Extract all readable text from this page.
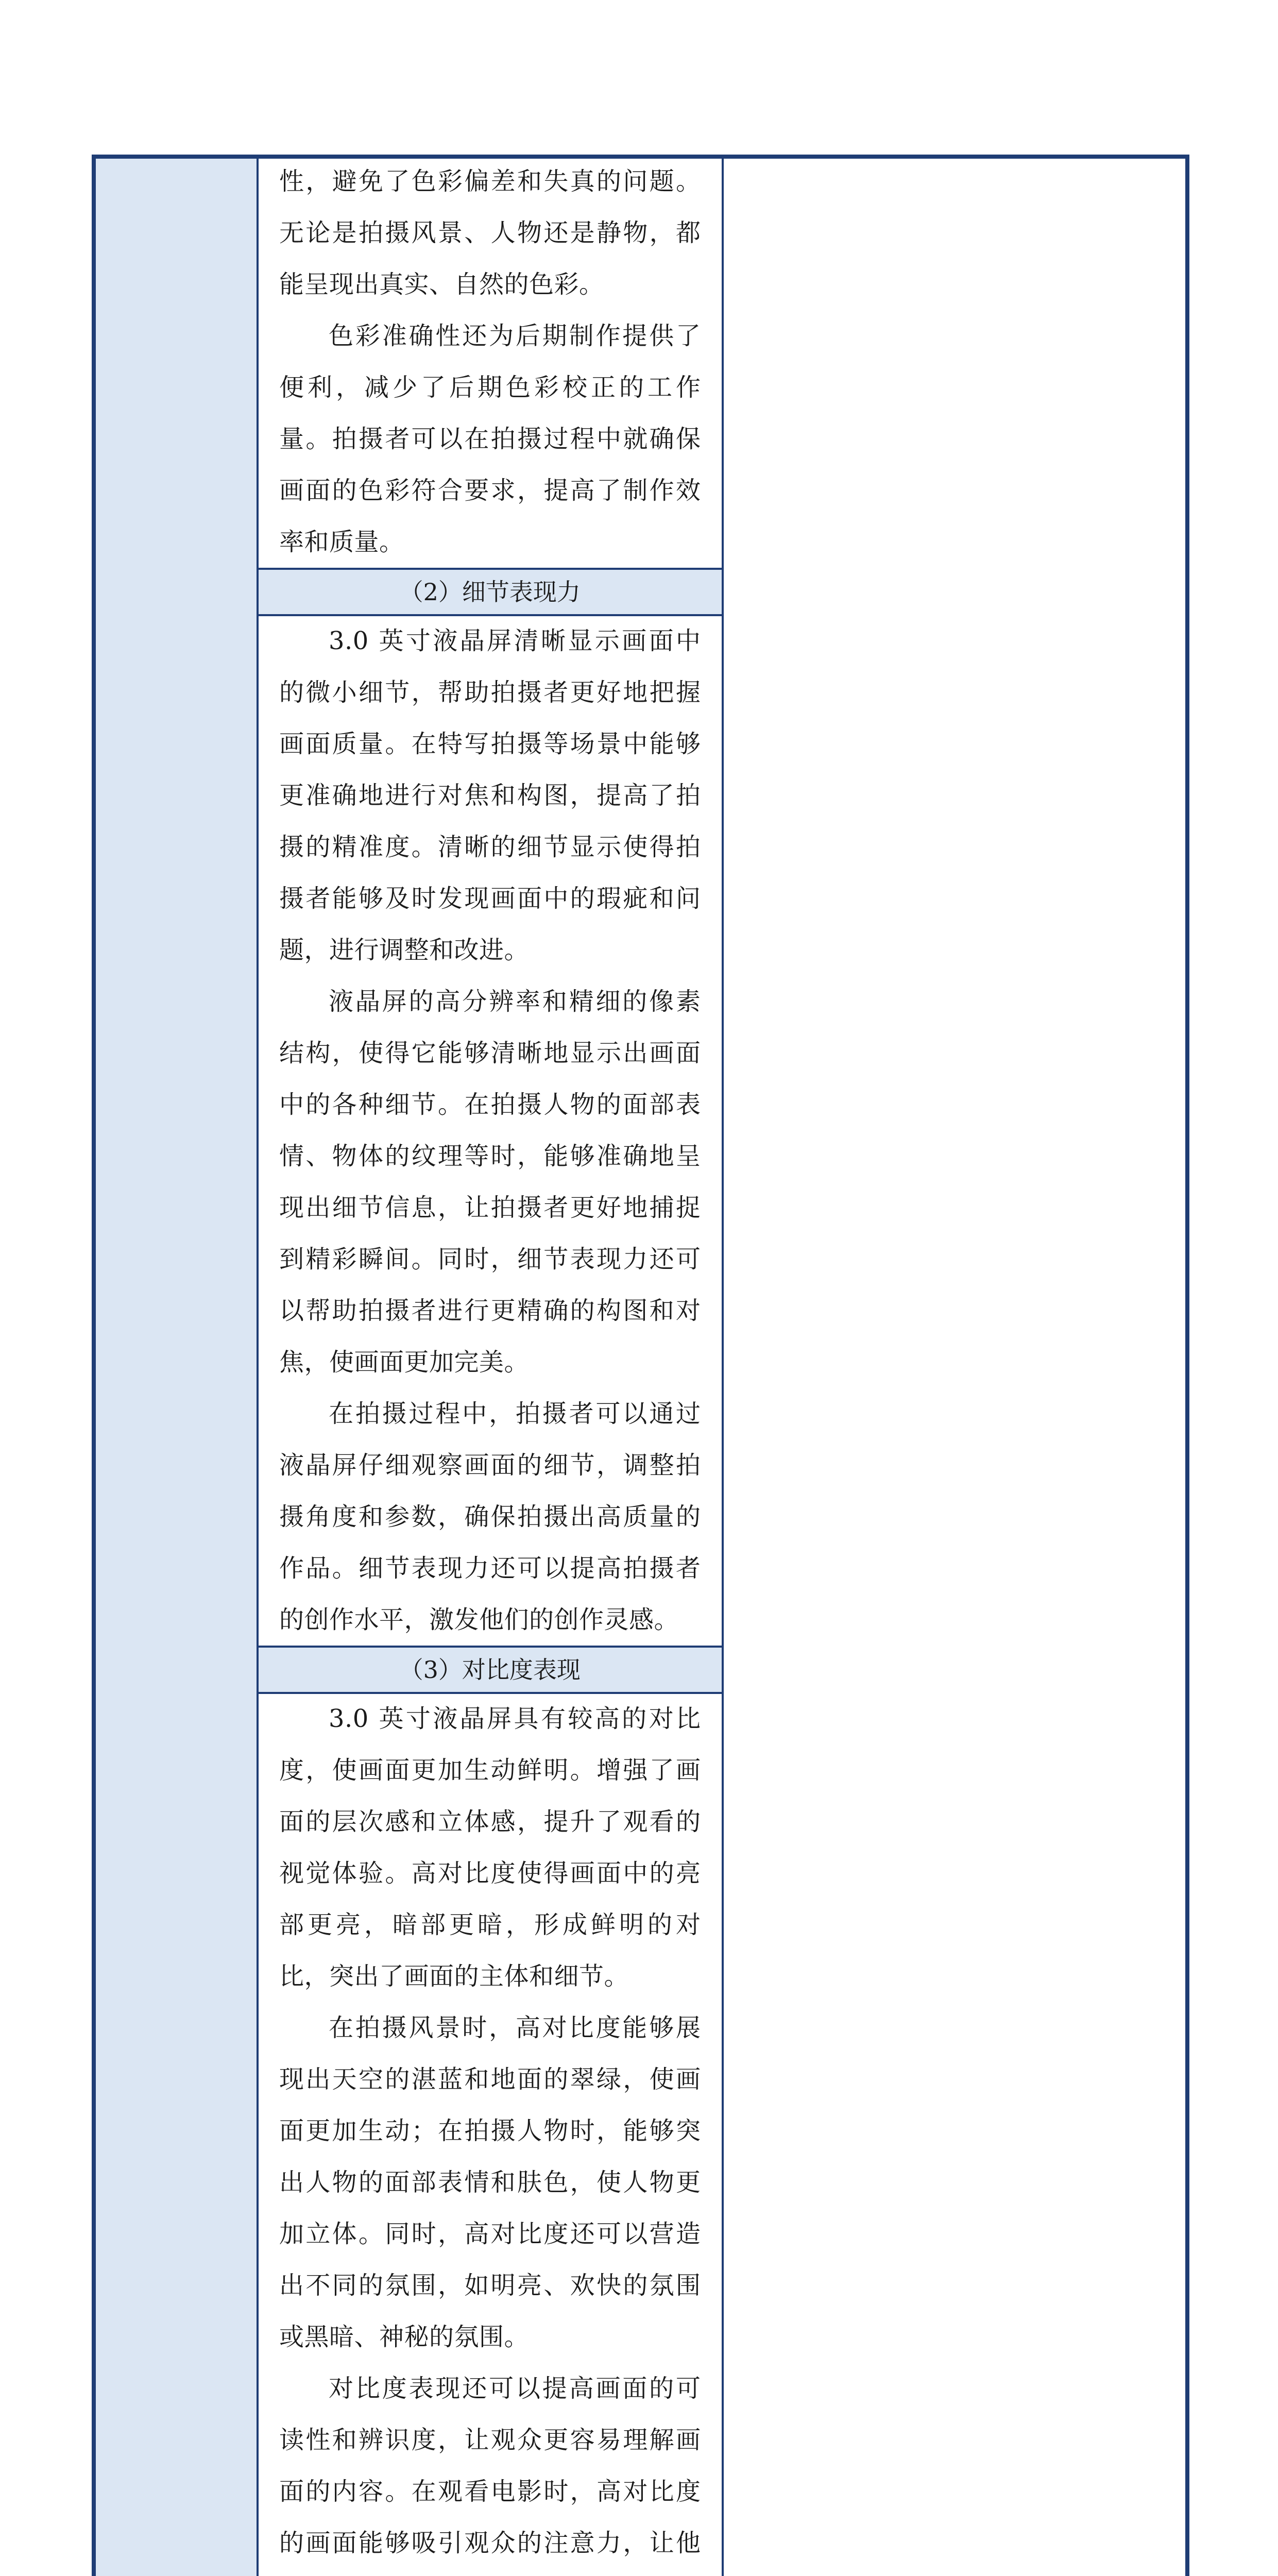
	性，避免了色彩偏差和失真的问题。无论是拍摄风景、人物还是静物，都能呈现出真实、自然的色彩。

色彩准确性还为后期制作提供了便利，减少了后期色彩校正的工作量。拍摄者可以在拍摄过程中就确保画面的色彩符合要求，提高了制作效率和质量。	

	（2）细节表现力	

	3.0 英寸液晶屏清晰显示画面中的微小细节，帮助拍摄者更好地把握画面质量。在特写拍摄等场景中能够更准确地进行对焦和构图，提高了拍摄的精准度。清晰的细节显示使得拍摄者能够及时发现画面中的瑕疵和问题，进行调整和改进。

液晶屏的高分辨率和精细的像素结构，使得它能够清晰地显示出画面中的各种细节。在拍摄人物的面部表情、物体的纹理等时，能够准确地呈现出细节信息，让拍摄者更好地捕捉到精彩瞬间。同时，细节表现力还可以帮助拍摄者进行更精确的构图和对焦，使画面更加完美。

在拍摄过程中，拍摄者可以通过液晶屏仔细观察画面的细节，调整拍摄角度和参数，确保拍摄出高质量的作品。细节表现力还可以提高拍摄者的创作水平，激发他们的创作灵感。	

	（3）对比度表现	

	3.0 英寸液晶屏具有较高的对比度，使画面更加生动鲜明。增强了画面的层次感和立体感，提升了观看的视觉体验。高对比度使得画面中的亮部更亮，暗部更暗，形成鲜明的对比，突出了画面的主体和细节。

在拍摄风景时，高对比度能够展现出天空的湛蓝和地面的翠绿，使画面更加生动；在拍摄人物时，能够突出人物的面部表情和肤色，使人物更加立体。同时，高对比度还可以营造出不同的氛围，如明亮、欢快的氛围或黑暗、神秘的氛围。

对比度表现还可以提高画面的可读性和辨识度，让观众更容易理解画面的内容。在观看电影时，高对比度的画面能够吸引观众的注意力，让他	
